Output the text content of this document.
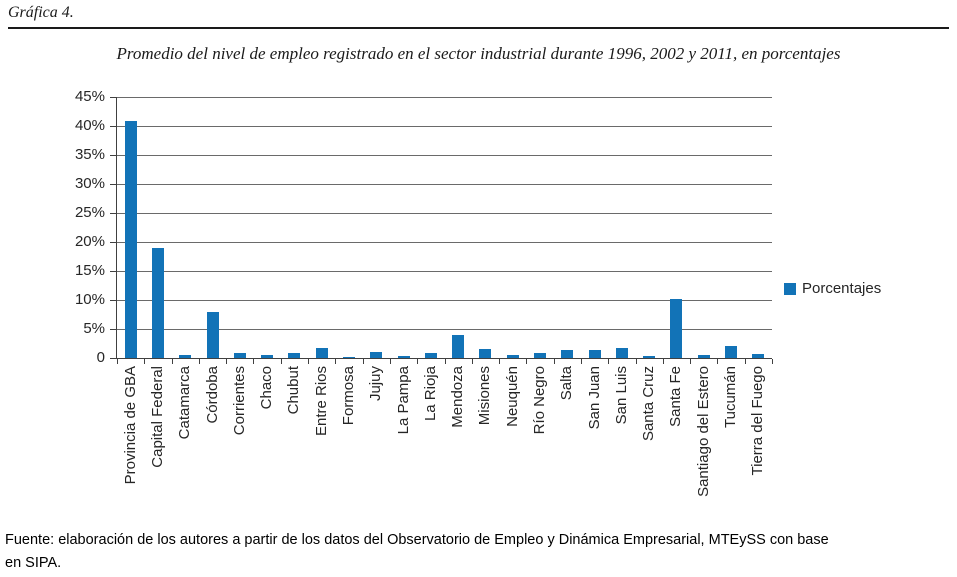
Gráfica 4.
Promedio del nivel de empleo registrado en el sector industrial durante 1996, 2002 y 2011, en porcentajes
0
5%
10%
15%
20%
25%
30%
35%
40%
45%
Provincia de GBA Capital Federal Catamarca Córdoba Corrientes Chaco Chubut Entre Rios Formosa Jujuy La Pampa La Rioja Mendoza Misiones Neuquén Río Negro Salta San Juan San Luis Santa Cruz Santa Fe Santiago del Estero Tucumán Tierra del Fuego
Porcentajes
Fuente: elaboración de los autores a partir de los datos del Observatorio de Empleo y Dinámica Empresarial, MTEySS con base
en SIPA.
